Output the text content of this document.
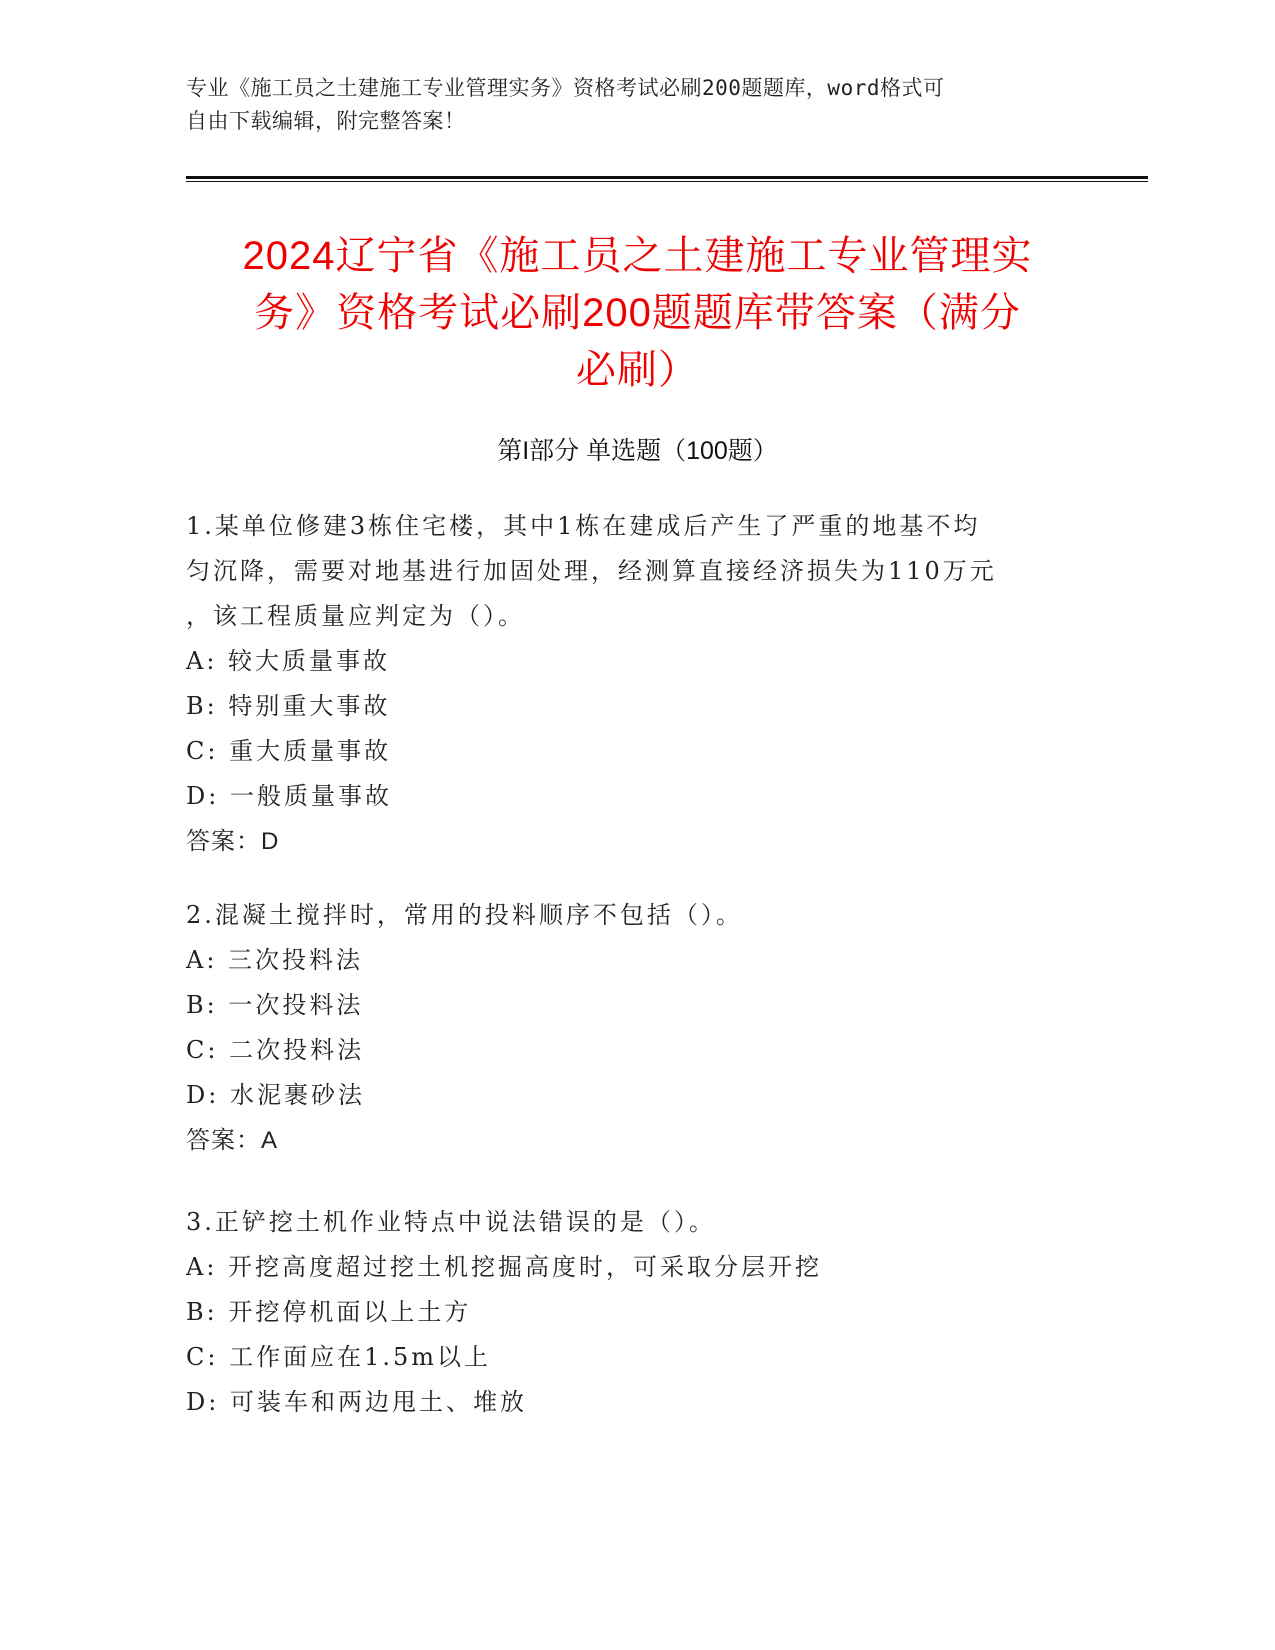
专业《施工员之土建施工专业管理实务》资格考试必刷200题题库，word格式可
自由下载编辑，附完整答案！
2024辽宁省《施工员之土建施工专业管理实
务》资格考试必刷200题题库带答案（满分
必刷）
第I部分 单选题（100题）

1.某单位修建3栋住宅楼，其中1栋在建成后产生了严重的地基不均

匀沉降，需要对地基进行加固处理，经测算直接经济损失为110万元

，该工程质量应判定为（）。

A: 较大质量事故

B: 特别重大事故

C: 重大质量事故

D: 一般质量事故

答案：D

2.混凝土搅拌时，常用的投料顺序不包括（）。

A: 三次投料法

B: 一次投料法

C: 二次投料法

D: 水泥裹砂法

答案：A

3.正铲挖土机作业特点中说法错误的是（）。

A: 开挖高度超过挖土机挖掘高度时，可采取分层开挖

B: 开挖停机面以上土方

C: 工作面应在1.5m以上

D: 可装车和两边甩土、堆放
